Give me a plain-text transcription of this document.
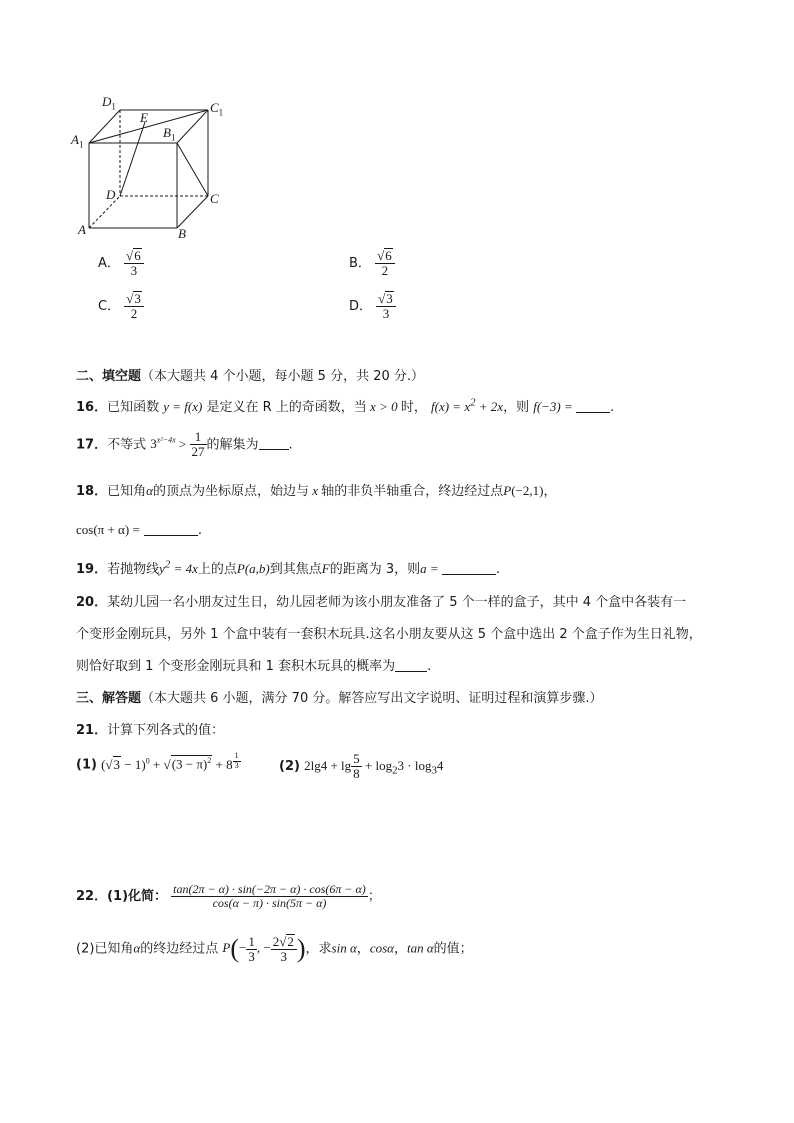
$D_1$	$C_1$
E
$A_1$
$B_1$
D	C
A	B
A． $\frac{√6}{3}$	B． $\frac{√6}{2}$
C． $\frac{√3}{2}$	D． $\frac{√3}{3}$
二、填空题（本大题共 4 个小题，每小题 5 分，共 20 分.）
16．已知函数 y = f(x) 是定义在 R 上的奇函数，当 x > 0 时， $f(x) = x^2 + 2x$，则 f(−3) =	.
17．不等式 $3^{x^2-4x} > \frac{1}{27}$ 的解集为 .
18．已知角α的顶点为坐标原点，始边与 x 轴的非负半轴重合，终边经过点P(−2,1)，
cos(π + α) =	.
19．若抛物线$y^2 = 4x$上的点P(a,b)到其焦点F的距离为 3，则a =	.
20．某幼儿园一名小朋友过生日，幼儿园老师为该小朋友准备了 5 个一样的盒子，其中 4 个盒中各装有一
个变形金刚玩具，另外 1 个盒中装有一套积木玩具.这名小朋友要从这 5 个盒中选出 2 个盒子作为生日礼物，
则恰好取到 1 个变形金刚玩具和 1 套积木玩具的概率为 .
三、解答题（本大题共 6 小题，满分 70 分。解答应写出文字说明、证明过程和演算步骤.）
21．计算下列各式的值：
(1) $(√3 - 1)^0 + √(3 - \pi)^2 + 8$ $^{\frac{1}{3}}$	(2) $2\lg 4 + \lg \frac{5}{8} + \log_23 \cdot \log_34$
22．(1)化简： $\frac{\tan(2\pi - \alpha) \cdot \sin(-2\pi - \alpha) \cdot \cos(6\pi - \alpha)}{\cos(\alpha - \pi) \cdot \sin(5\pi - \alpha)}$ ；
(2)已知角α的终边经过点 $P(- \frac{1}{3}$ , − $\frac{2√2}{3}$ )，求sin α，cosα，tan α的值；
